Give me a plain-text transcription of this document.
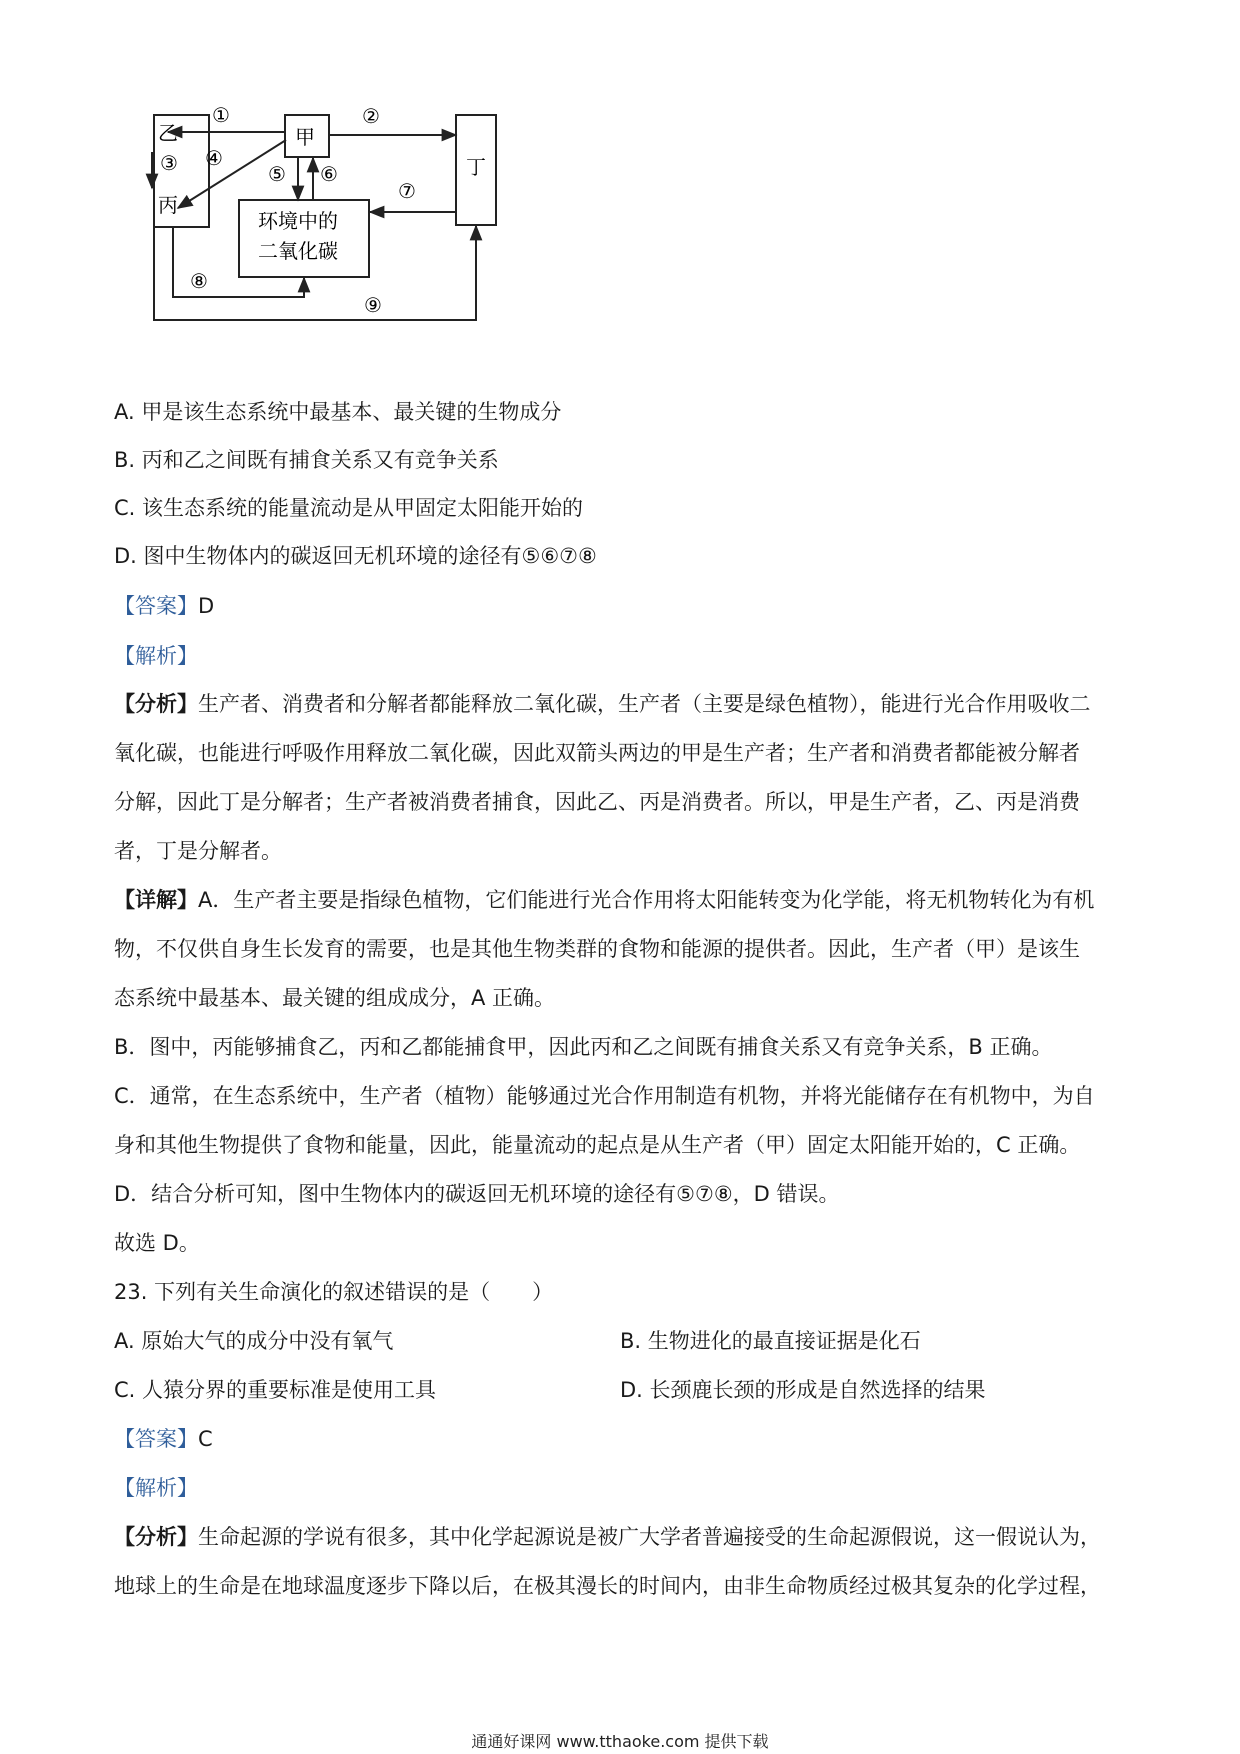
乙
丙
甲
丁
环境中的
二氧化碳
①	②
③ ④
⑤ ⑥
⑦
⑧
⑨
A. 甲是该生态系统中最基本、最关键的生物成分
B. 丙和乙之间既有捕食关系又有竞争关系
C. 该生态系统的能量流动是从甲固定太阳能开始的
D. 图中生物体内的碳返回无机环境的途径有⑤⑥⑦⑧
【答案】D
【解析】
【分析】生产者、消费者和分解者都能释放二氧化碳，生产者（主要是绿色植物），能进行光合作用吸收二
氧化碳，也能进行呼吸作用释放二氧化碳，因此双箭头两边的甲是生产者；生产者和消费者都能被分解者
分解，因此丁是分解者；生产者被消费者捕食，因此乙、丙是消费者。所以，甲是生产者，乙、丙是消费
者，丁是分解者。
【详解】A．生产者主要是指绿色植物，它们能进行光合作用将太阳能转变为化学能，将无机物转化为有机
物，不仅供自身生长发育的需要，也是其他生物类群的食物和能源的提供者。因此，生产者（甲）是该生
态系统中最基本、最关键的组成成分，A 正确。
B．图中，丙能够捕食乙，丙和乙都能捕食甲，因此丙和乙之间既有捕食关系又有竞争关系，B 正确。
C．通常，在生态系统中，生产者（植物）能够通过光合作用制造有机物，并将光能储存在有机物中，为自
身和其他生物提供了食物和能量，因此，能量流动的起点是从生产者（甲）固定太阳能开始的，C 正确。
D．结合分析可知，图中生物体内的碳返回无机环境的途径有⑤⑦⑧，D 错误。
故选 D。
23. 下列有关生命演化的叙述错误的是（　　）
A. 原始大气的成分中没有氧气	B. 生物进化的最直接证据是化石
C. 人猿分界的重要标准是使用工具	D. 长颈鹿长颈的形成是自然选择的结果
【答案】C
【解析】
【分析】生命起源的学说有很多，其中化学起源说是被广大学者普遍接受的生命起源假说，这一假说认为，
地球上的生命是在地球温度逐步下降以后，在极其漫长的时间内，由非生命物质经过极其复杂的化学过程，
通通好课网 www.tthaoke.com 提供下载
